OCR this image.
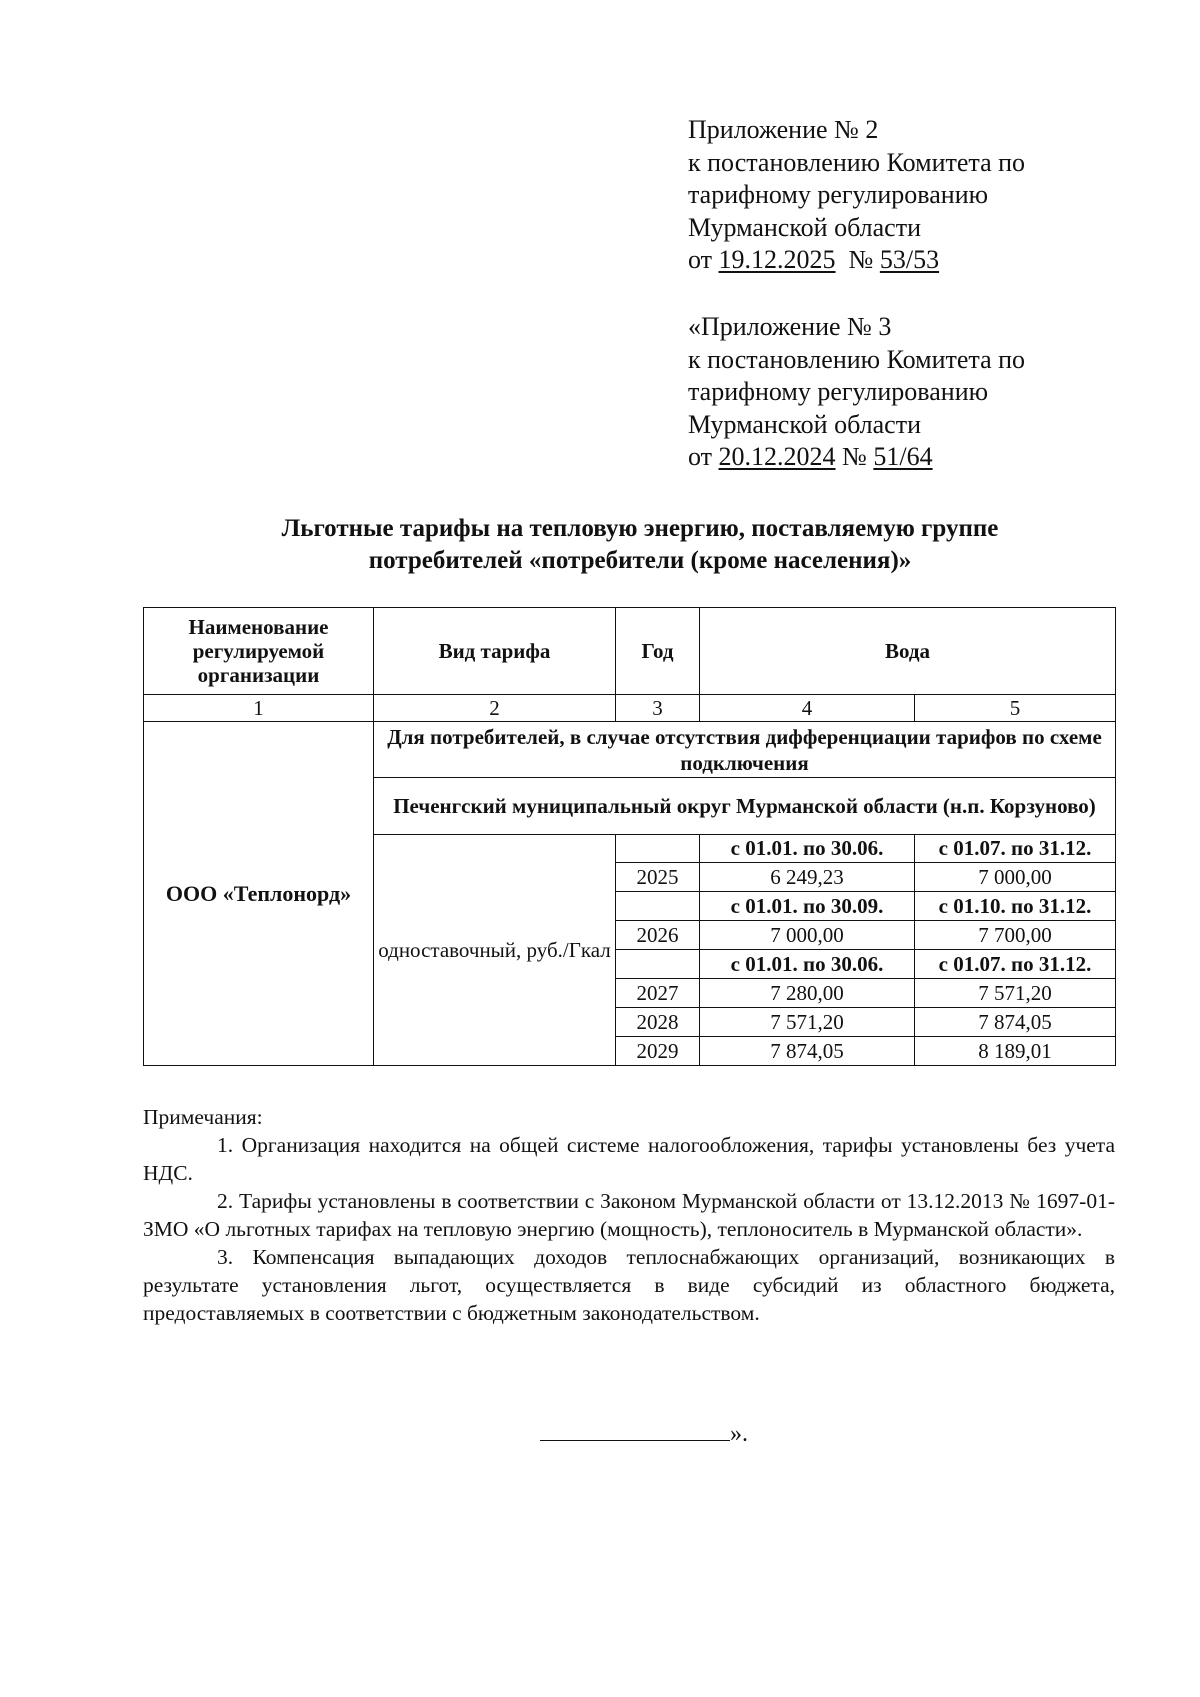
Приложение № 2
к постановлению Комитета по
тарифному регулированию
Мурманской области
от 19.12.2025  № 53/53
«Приложение № 3
к постановлению Комитета по
тарифному регулированию
Мурманской области
от 20.12.2024 № 51/64
Льготные тарифы на тепловую энергию, поставляемую группе
потребителей «потребители (кроме населения)»
Наименование регулируемой организации	Вид тарифа	Год	Вода	
1	2	3	4	5
ООО «Теплонорд»	Для потребителей, в случае отсутствия дифференциации тарифов по схеме подключения			
	Печенгский муниципальный округ Мурманской области (н.п. Корзуново)			
	одноставочный, руб./Гкал		с 01.01. по 30.06.	с 01.07. по 31.12.
		2025	6 249,23	7 000,00
			с 01.01. по 30.09.	с 01.10. по 31.12.
		2026	7 000,00	7 700,00
			с 01.01. по 30.06.	с 01.07. по 31.12.
		2027	7 280,00	7 571,20
		2028	7 571,20	7 874,05
		2029	7 874,05	8 189,01

Примечания:

1. Организация находится на общей системе налогообложения, тарифы установлены без учета НДС.

2. Тарифы установлены в соответствии с Законом Мурманской области от 13.12.2013 № 1697-01-ЗМО «О льготных тарифах на тепловую энергию (мощность), теплоноситель в Мурманской области».

3. Компенсация выпадающих доходов теплоснабжающих организаций, возникающих в результате установления льгот, осуществляется в виде субсидий из областного бюджета, предоставляемых в соответствии с бюджетным законодательством.

».
